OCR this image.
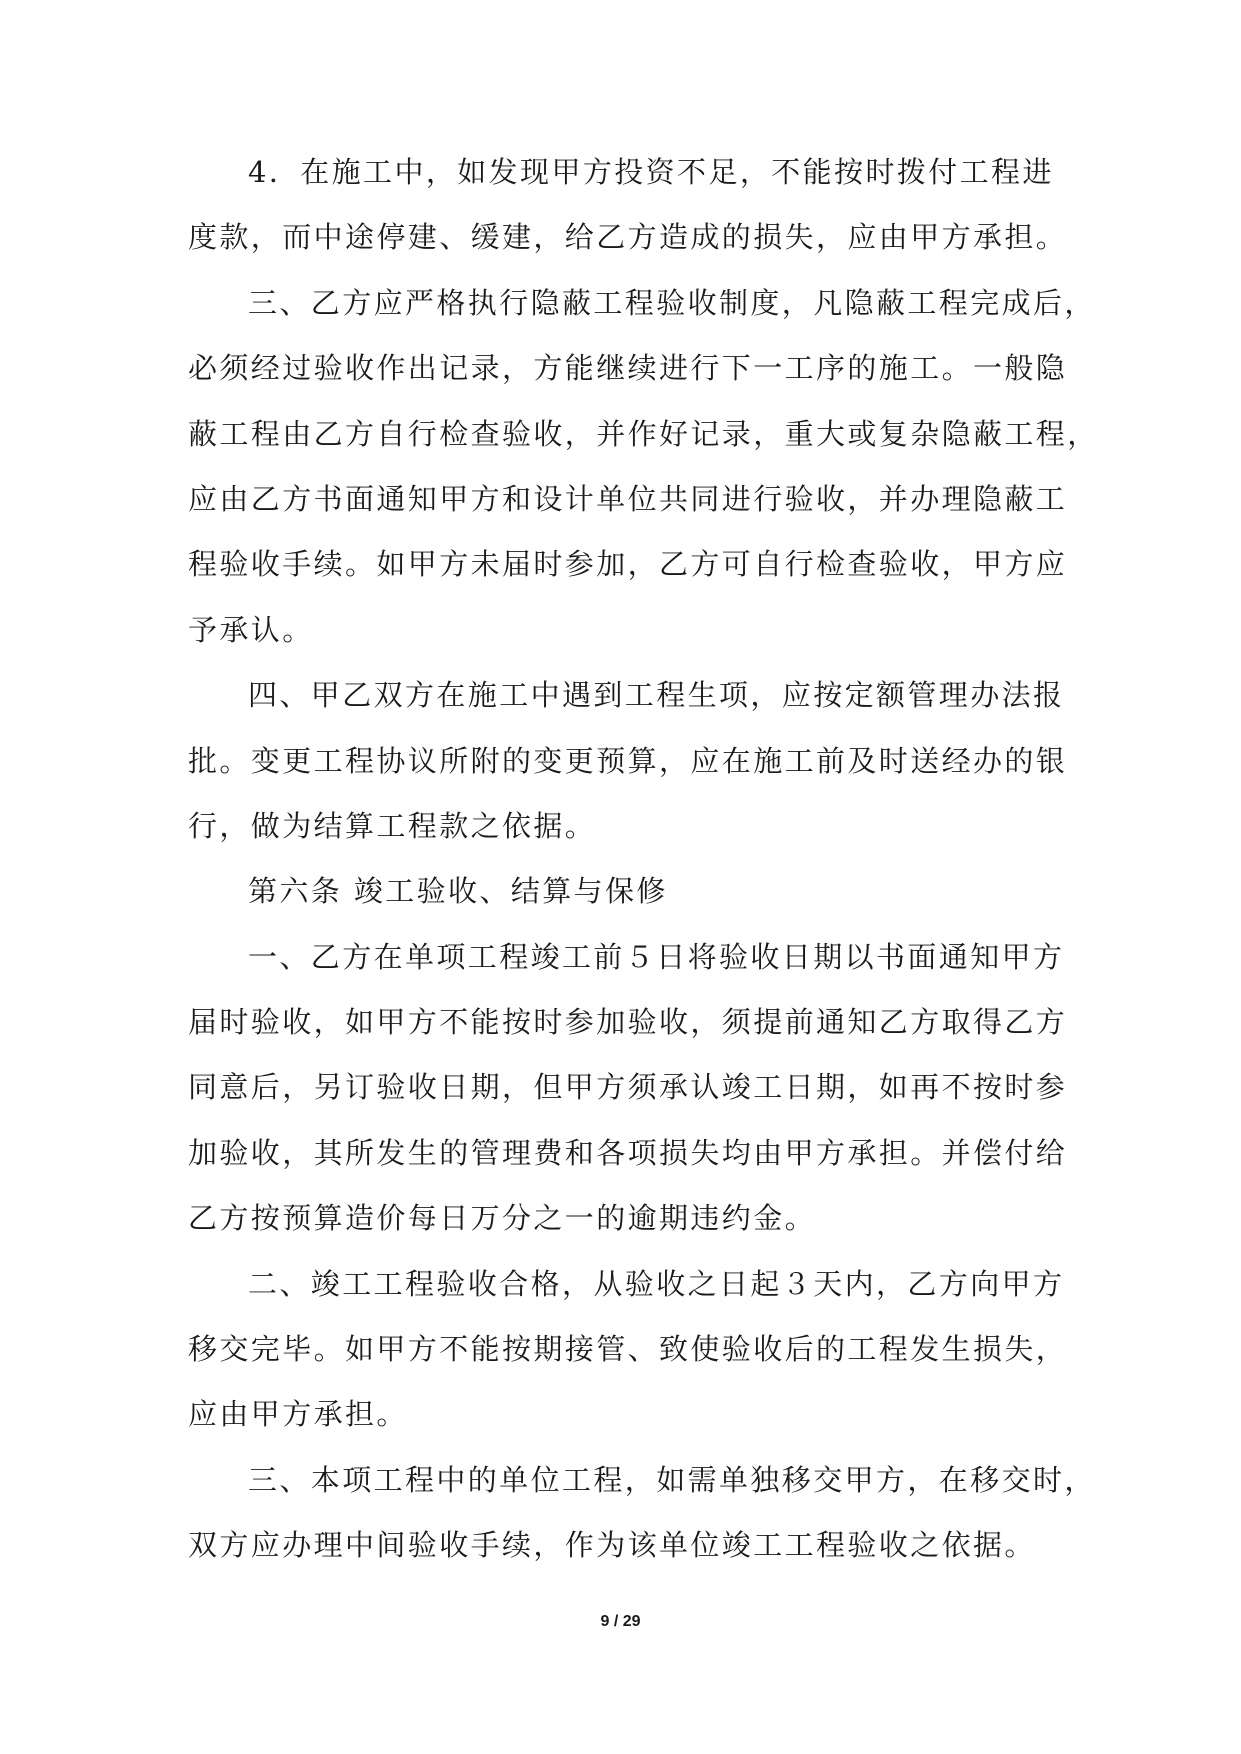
4．在施工中，如发现甲方投资不足，不能按时拨付工程进
度款，而中途停建、缓建，给乙方造成的损失，应由甲方承担。
三、乙方应严格执行隐蔽工程验收制度，凡隐蔽工程完成后，
必须经过验收作出记录，方能继续进行下一工序的施工。一般隐
蔽工程由乙方自行检查验收，并作好记录，重大或复杂隐蔽工程，
应由乙方书面通知甲方和设计单位共同进行验收，并办理隐蔽工
程验收手续。如甲方未届时参加，乙方可自行检查验收，甲方应
予承认。
四、甲乙双方在施工中遇到工程生项，应按定额管理办法报
批。变更工程协议所附的变更预算，应在施工前及时送经办的银
行，做为结算工程款之依据。
第六条 竣工验收、结算与保修
一、乙方在单项工程竣工前５日将验收日期以书面通知甲方
届时验收，如甲方不能按时参加验收，须提前通知乙方取得乙方
同意后，另订验收日期，但甲方须承认竣工日期，如再不按时参
加验收，其所发生的管理费和各项损失均由甲方承担。并偿付给
乙方按预算造价每日万分之一的逾期违约金。
二、竣工工程验收合格，从验收之日起３天内，乙方向甲方
移交完毕。如甲方不能按期接管、致使验收后的工程发生损失，
应由甲方承担。
三、本项工程中的单位工程，如需单独移交甲方，在移交时，
双方应办理中间验收手续，作为该单位竣工工程验收之依据。
9 / 29
